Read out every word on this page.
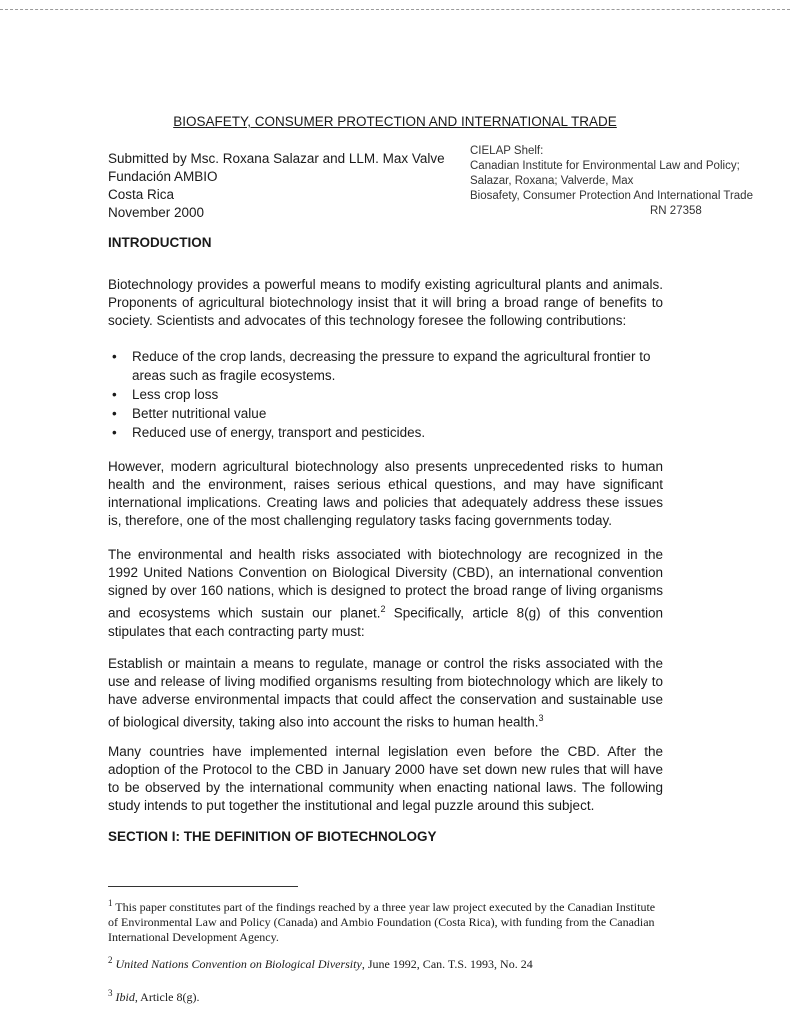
BIOSAFETY, CONSUMER PROTECTION AND INTERNATIONAL TRADE
Submitted by Msc. Roxana Salazar and LLM. Max Valve
Fundación AMBIO
Costa Rica
November 2000
CIELAP Shelf:
Canadian Institute for Environmental Law and Policy;
Salazar, Roxana; Valverde, Max
Biosafety, Consumer Protection And International Trade
RN 27358
INTRODUCTION
Biotechnology provides a powerful means to modify existing agricultural plants and animals. Proponents of agricultural biotechnology insist that it will bring a broad range of benefits to society. Scientists and advocates of this technology foresee the following contributions:
• Reduce of the crop lands, decreasing the pressure to expand the agricultural frontier to areas such as fragile ecosystems.
• Less crop loss
• Better nutritional value
• Reduced use of energy, transport and pesticides.
However, modern agricultural biotechnology also presents unprecedented risks to human health and the environment, raises serious ethical questions, and may have significant international implications. Creating laws and policies that adequately address these issues is, therefore, one of the most challenging regulatory tasks facing governments today.
The environmental and health risks associated with biotechnology are recognized in the 1992 United Nations Convention on Biological Diversity (CBD), an international convention signed by over 160 nations, which is designed to protect the broad range of living organisms and ecosystems which sustain our planet.$^2$ Specifically, article 8(g) of this convention stipulates that each contracting party must:
Establish or maintain a means to regulate, manage or control the risks associated with the use and release of living modified organisms resulting from biotechnology which are likely to have adverse environmental impacts that could affect the conservation and sustainable use of biological diversity, taking also into account the risks to human health.$^3$
Many countries have implemented internal legislation even before the CBD. After the adoption of the Protocol to the CBD in January 2000 have set down new rules that will have to be observed by the international community when enacting national laws. The following study intends to put together the institutional and legal puzzle around this subject.
SECTION I: THE DEFINITION OF BIOTECHNOLOGY
$^1$ This paper constitutes part of the findings reached by a three year law project executed by the Canadian Institute of Environmental Law and Policy (Canada) and Ambio Foundation (Costa Rica), with funding from the Canadian International Development Agency.
$^2$ United Nations Convention on Biological Diversity, June 1992, Can. T.S. 1993, No. 24
$^3$ Ibid, Article 8(g).
